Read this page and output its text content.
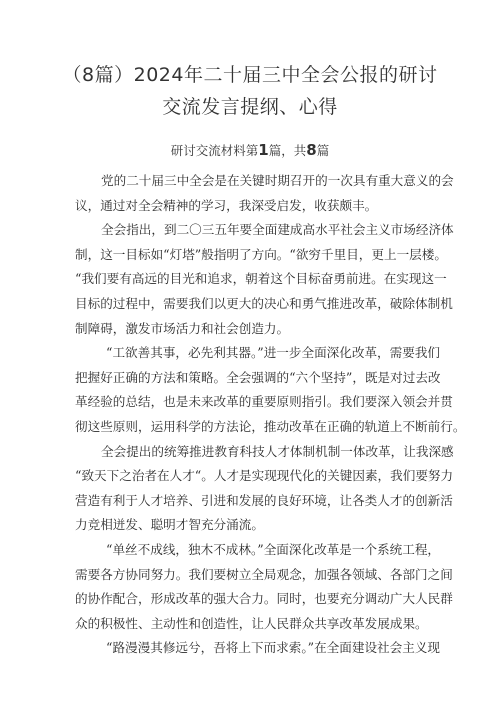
（8篇）2024年二十届三中全会公报的研讨
交流发言提纲、心得
研讨交流材料第1篇，共8篇
党的二十届三中全会是在关键时期召开的一次具有重大意义的会
议，通过对全会精神的学习，我深受启发，收获颇丰。
全会指出，到二〇三五年要全面建成高水平社会主义市场经济体
制，这一目标如“灯塔”般指明了方向。“欲穷千里目，更上一层楼。
“我们要有高远的目光和追求，朝着这个目标奋勇前进。在实现这一
目标的过程中，需要我们以更大的决心和勇气推进改革，破除体制机
制障碍，激发市场活力和社会创造力。
“工欲善其事，必先利其器。”进一步全面深化改革，需要我们
把握好正确的方法和策略。全会强调的“六个坚持”，既是对过去改
革经验的总结，也是未来改革的重要原则指引。我们要深入领会并贯
彻这些原则，运用科学的方法论，推动改革在正确的轨道上不断前行。
全会提出的统筹推进教育科技人才体制机制一体改革，让我深感
“致天下之治者在人才“。人才是实现现代化的关键因素，我们要努力
营造有利于人才培养、引进和发展的良好环境，让各类人才的创新活
力竞相迸发、聪明才智充分涌流。
“单丝不成线，独木不成林。”全面深化改革是一个系统工程，
需要各方协同努力。我们要树立全局观念，加强各领域、各部门之间
的协作配合，形成改革的强大合力。同时，也要充分调动广大人民群
众的积极性、主动性和创造性，让人民群众共享改革发展成果。
“路漫漫其修远兮，吾将上下而求索。”在全面建设社会主义现
